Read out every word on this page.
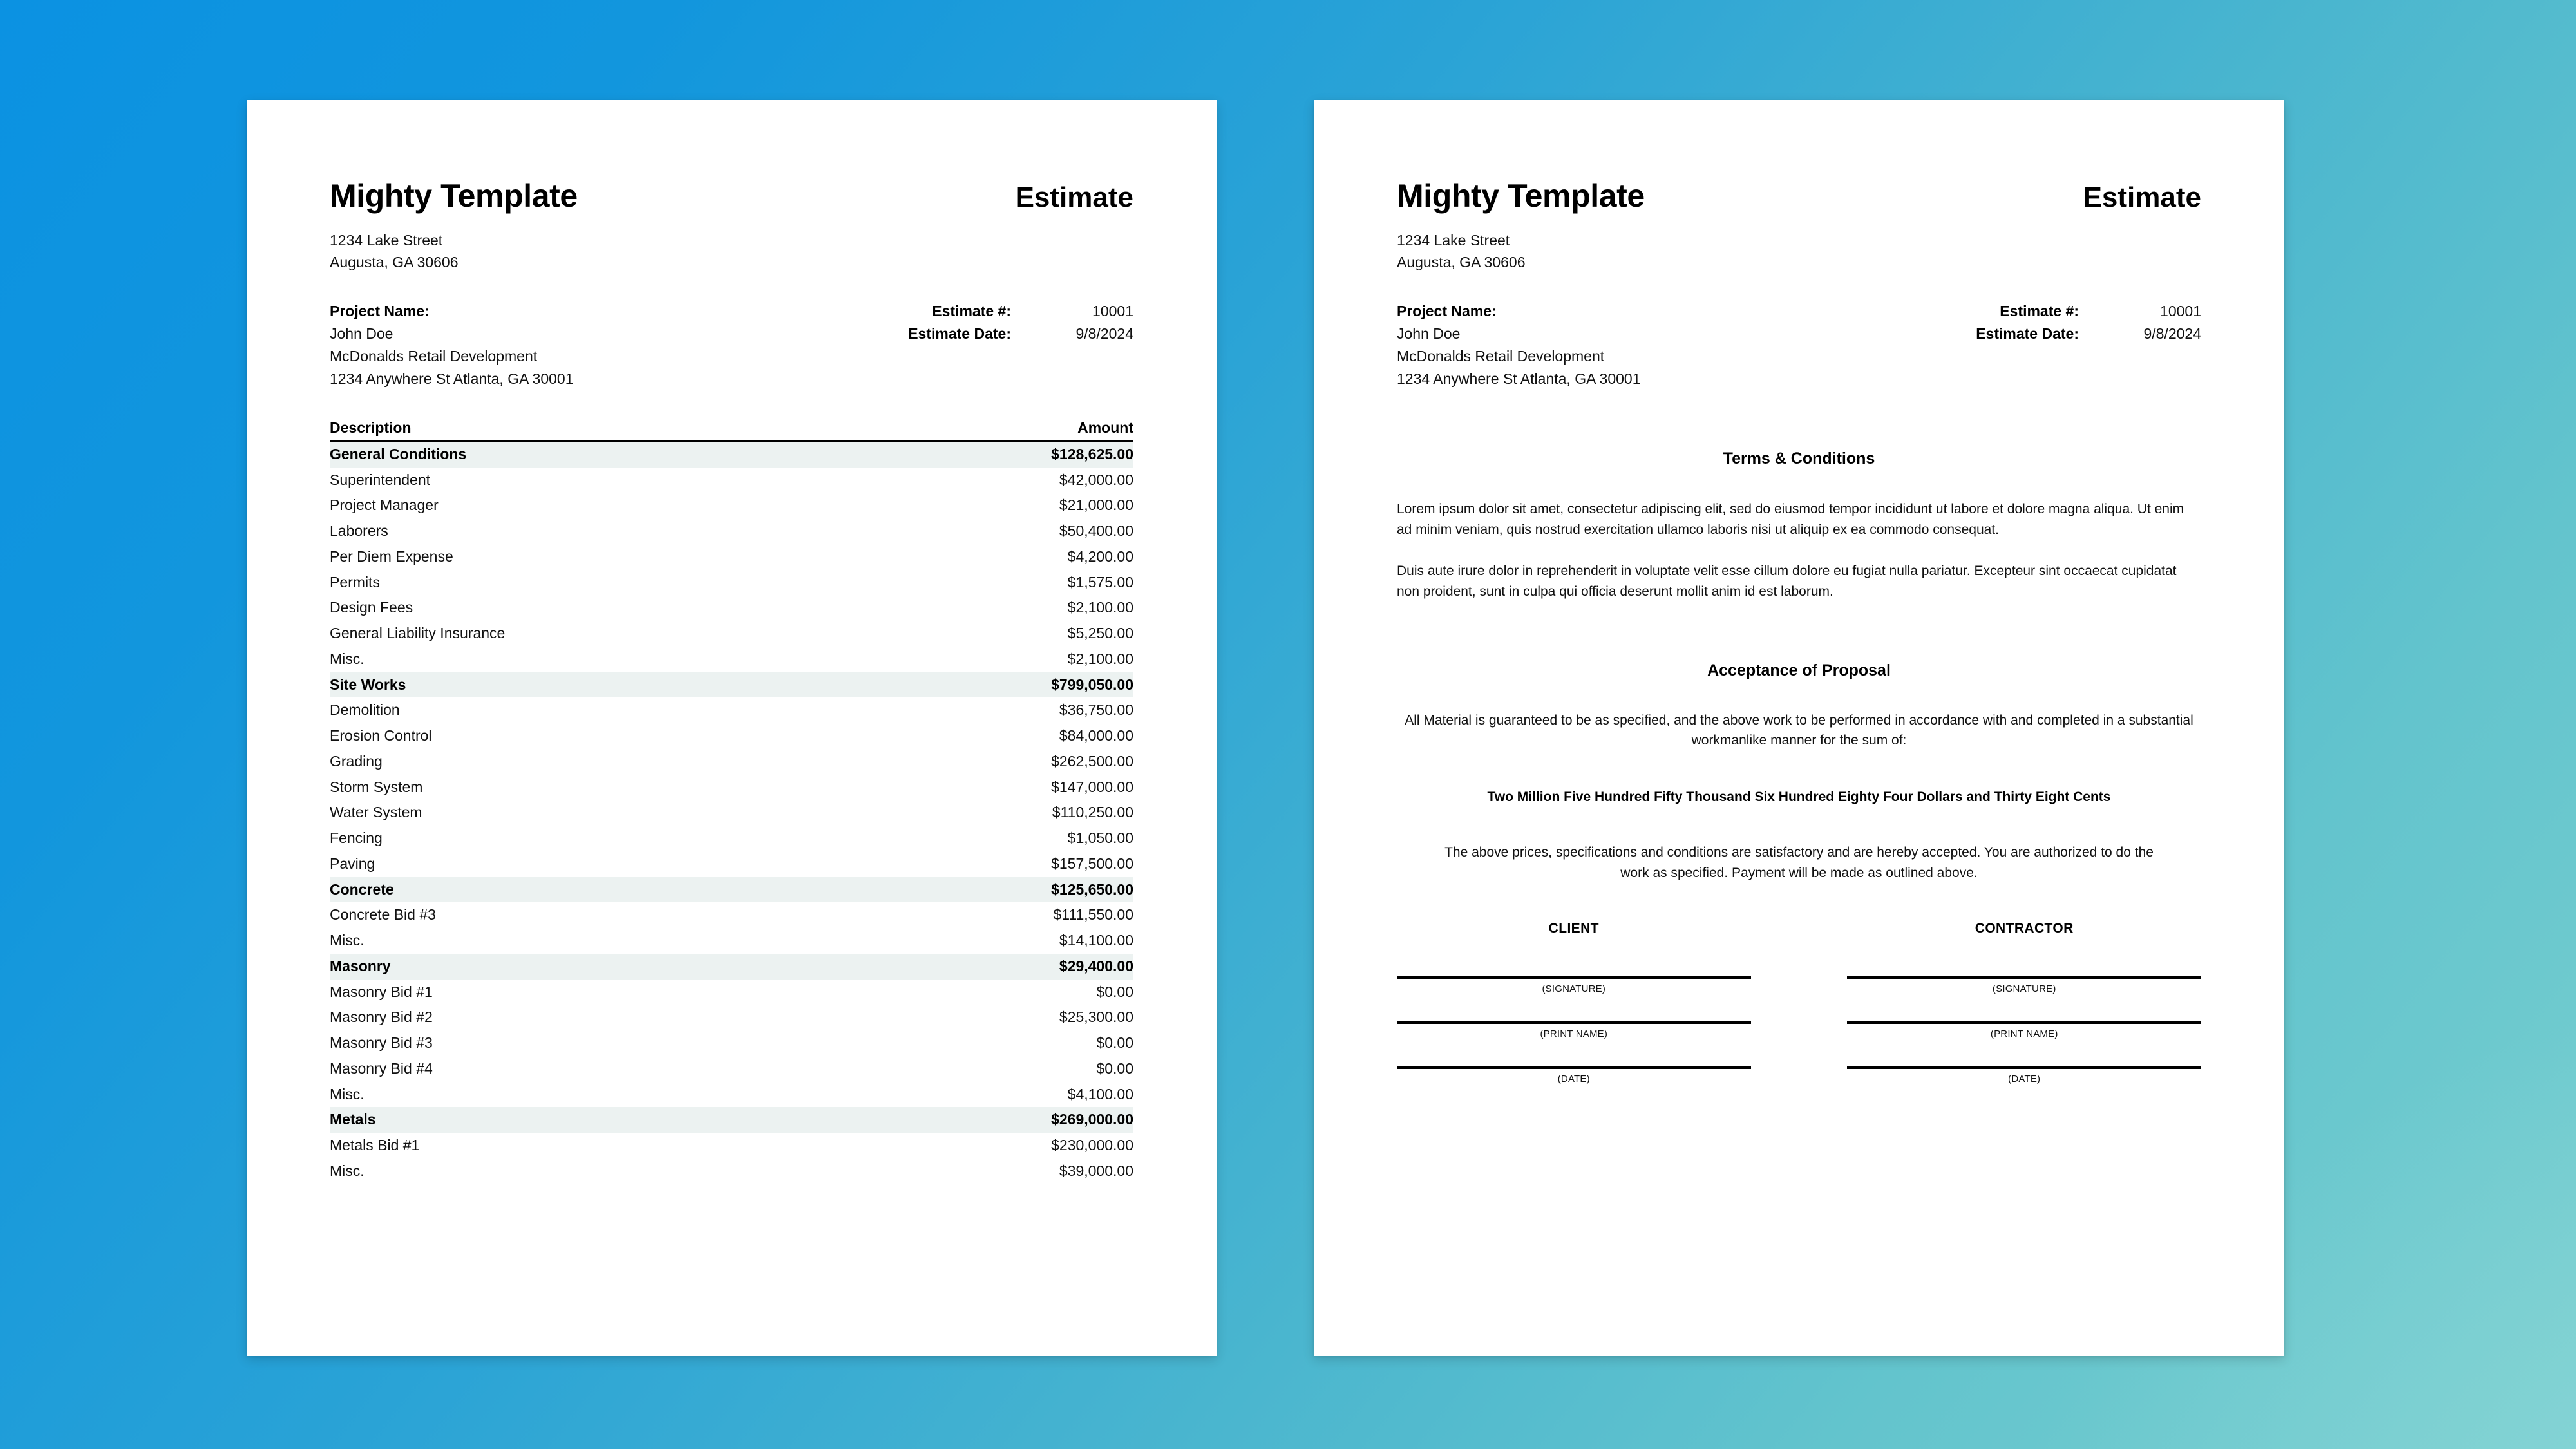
Mighty Template	Estimate
1234 Lake Street
Augusta, GA 30606
Project Name:
John Doe
McDonalds Retail Development
1234 Anywhere St Atlanta, GA 30001
Estimate #:	10001
Estimate Date:	9/8/2024
Description	Amount
General Conditions	$128,625.00
Superintendent	$42,000.00
Project Manager	$21,000.00
Laborers	$50,400.00
Per Diem Expense	$4,200.00
Permits	$1,575.00
Design Fees	$2,100.00
General Liability Insurance	$5,250.00
Misc.	$2,100.00
Site Works	$799,050.00
Demolition	$36,750.00
Erosion Control	$84,000.00
Grading	$262,500.00
Storm System	$147,000.00
Water System	$110,250.00
Fencing	$1,050.00
Paving	$157,500.00
Concrete	$125,650.00
Concrete Bid #3	$111,550.00
Misc.	$14,100.00
Masonry	$29,400.00
Masonry Bid #1	$0.00
Masonry Bid #2	$25,300.00
Masonry Bid #3	$0.00
Masonry Bid #4	$0.00
Misc.	$4,100.00
Metals	$269,000.00
Metals Bid #1	$230,000.00
Misc.	$39,000.00
Mighty Template	Estimate
1234 Lake Street
Augusta, GA 30606
Project Name:
John Doe
McDonalds Retail Development
1234 Anywhere St Atlanta, GA 30001
Estimate #:	10001
Estimate Date:	9/8/2024
Terms & Conditions

Lorem ipsum dolor sit amet, consectetur adipiscing elit, sed do eiusmod tempor incididunt ut labore et dolore magna aliqua. Ut enim ad minim veniam, quis nostrud exercitation ullamco laboris nisi ut aliquip ex ea commodo consequat.

Duis aute irure dolor in reprehenderit in voluptate velit esse cillum dolore eu fugiat nulla pariatur. Excepteur sint occaecat cupidatat non proident, sunt in culpa qui officia deserunt mollit anim id est laborum.

Acceptance of Proposal
All Material is guaranteed to be as specified, and the above work to be performed in accordance with and completed in a substantial workmanlike manner for the sum of:
Two Million Five Hundred Fifty Thousand Six Hundred Eighty Four Dollars and Thirty Eight Cents
The above prices, specifications and conditions are satisfactory and are hereby accepted. You are authorized to do the work as specified. Payment will be made as outlined above.
CLIENT
(SIGNATURE)
(PRINT NAME)
(DATE)
CONTRACTOR
(SIGNATURE)
(PRINT NAME)
(DATE)
